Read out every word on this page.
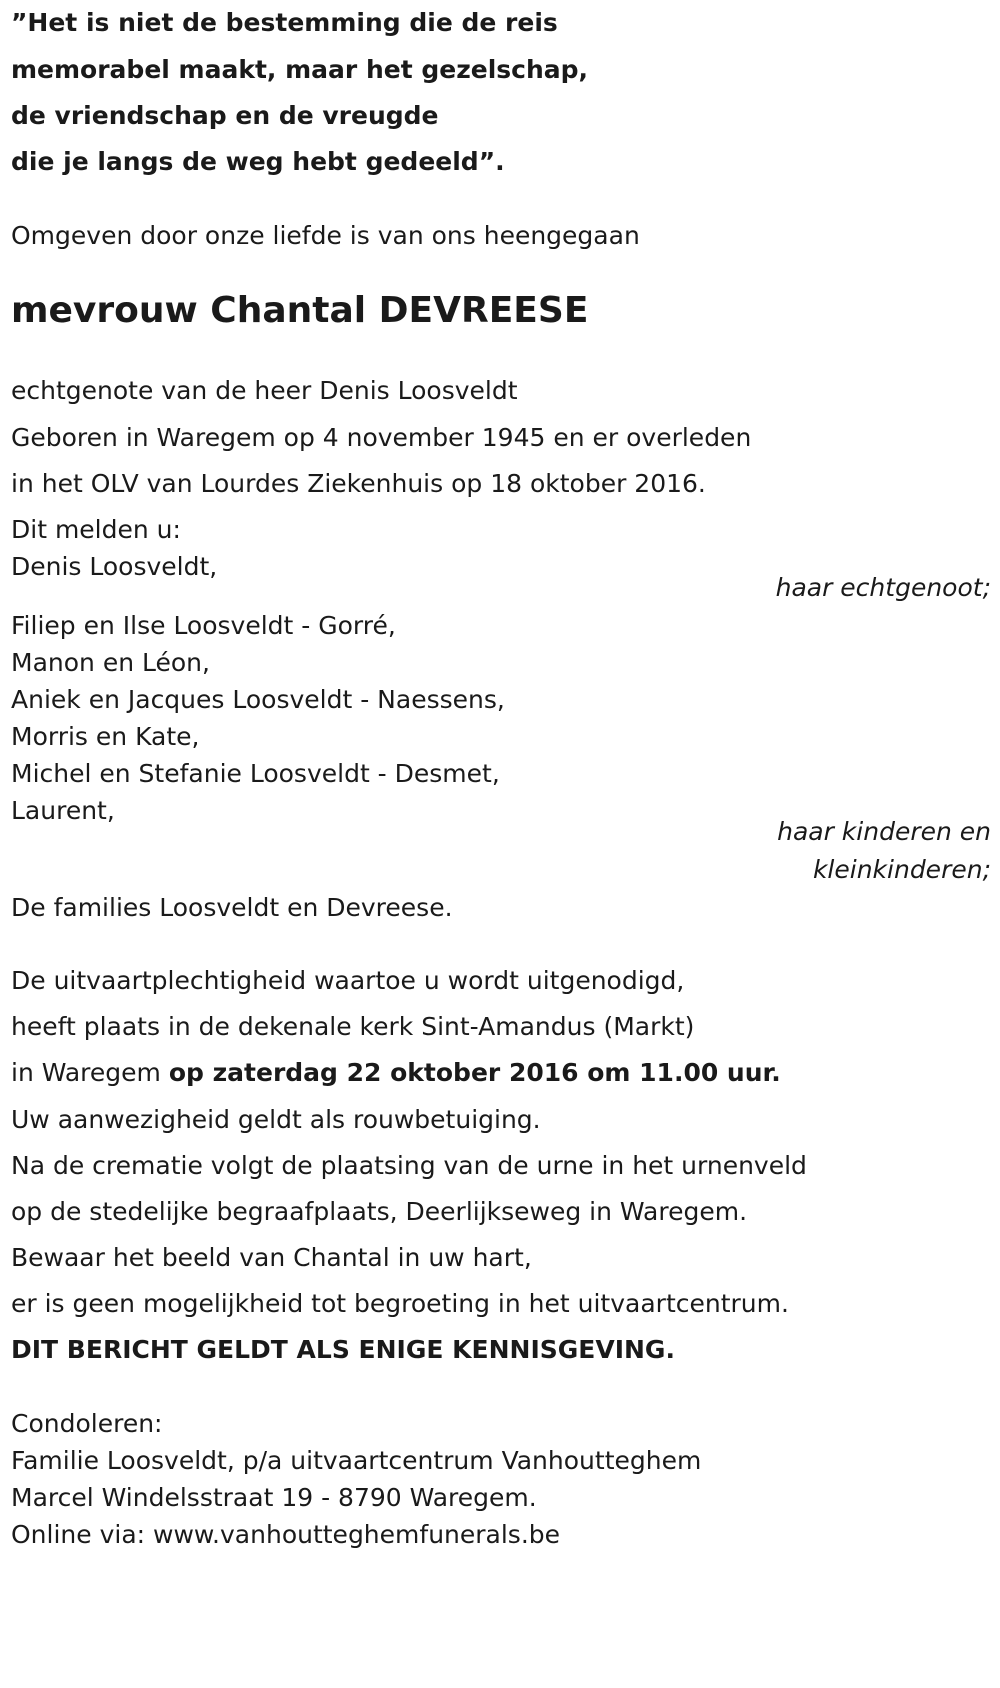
”Het is niet de bestemming die de reis
memorabel maakt, maar het gezelschap,
de vriendschap en de vreugde
die je langs de weg hebt gedeeld”.
Omgeven door onze liefde is van ons heengegaan
mevrouw Chantal DEVREESE
echtgenote van de heer Denis Loosveldt
Geboren in Waregem op 4 november 1945 en er overleden
in het OLV van Lourdes Ziekenhuis op 18 oktober 2016.
Dit melden u:
Denis Loosveldt,
haar echtgenoot;
Filiep en Ilse Loosveldt - Gorré,
Manon en Léon,
Aniek en Jacques Loosveldt - Naessens,
Morris en Kate,
Michel en Stefanie Loosveldt - Desmet,
Laurent,
haar kinderen en
kleinkinderen;
De families Loosveldt en Devreese.
De uitvaartplechtigheid waartoe u wordt uitgenodigd,
heeft plaats in de dekenale kerk Sint-Amandus (Markt)
in Waregem op zaterdag 22 oktober 2016 om 11.00 uur.
Uw aanwezigheid geldt als rouwbetuiging.
Na de crematie volgt de plaatsing van de urne in het urnenveld
op de stedelijke begraafplaats, Deerlijkseweg in Waregem.
Bewaar het beeld van Chantal in uw hart,
er is geen mogelijkheid tot begroeting in het uitvaartcentrum.
DIT BERICHT GELDT ALS ENIGE KENNISGEVING.
Condoleren:
Familie Loosveldt, p/a uitvaartcentrum Vanhoutteghem
Marcel Windelsstraat 19 - 8790 Waregem.
Online via: www.vanhoutteghemfunerals.be
